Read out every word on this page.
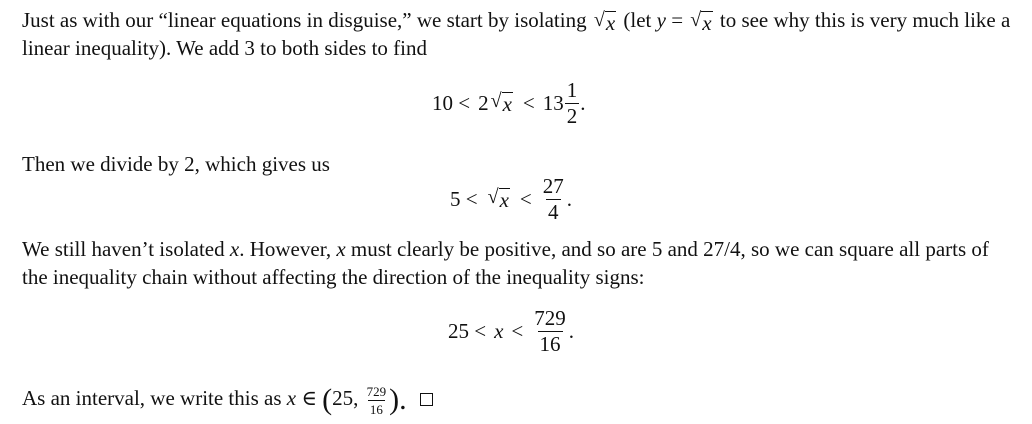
Just as with our “linear equations in disguise,” we start by isolating √ x (let y = √ x to see why this is very much like a linear inequality). We add 3 to both sides to find
10 < 2 √ $x < 13 \frac{1}{2}$ .
Then we divide by 2, which gives us
5 < √ $x < \frac{27}{4}$ .
We still haven’t isolated x. However, x must clearly be positive, and so are 5 and 27/4, so we can square all parts of the inequality chain without affecting the direction of the inequality signs:
$25 < x < \frac{729}{16}$ .
As an interval, we write this as x ∈ (25, $\frac{729}{16}$ ).
